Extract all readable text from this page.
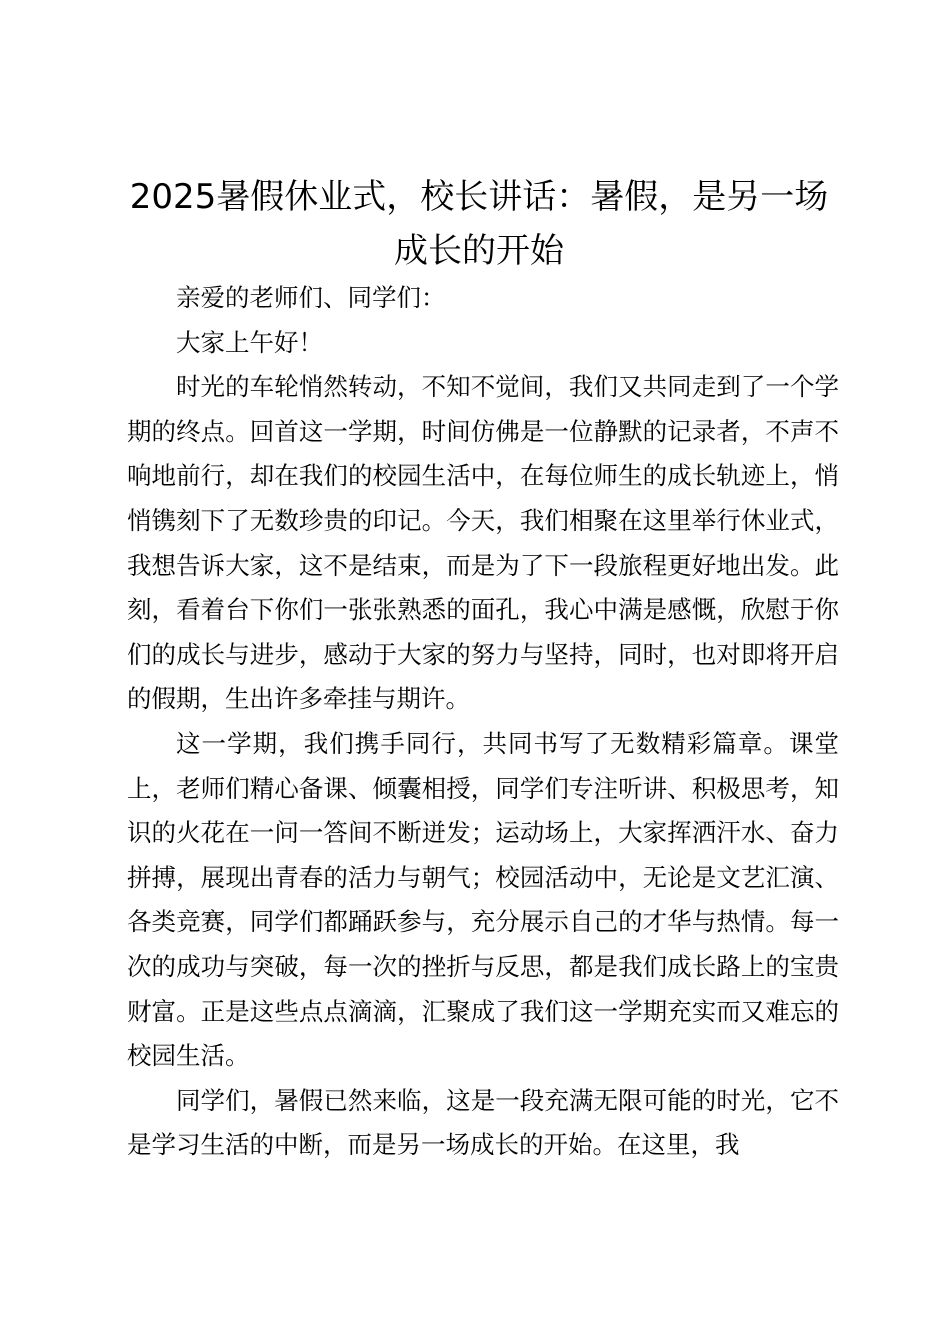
2025暑假休业式，校长讲话：暑假，是另一场成长的开始

亲爱的老师们、同学们：

大家上午好！

时光的车轮悄然转动，不知不觉间，我们又共同走到了一个学期的终点。回首这一学期，时间仿佛是一位静默的记录者，不声不响地前行，却在我们的校园生活中，在每位师生的成长轨迹上，悄悄镌刻下了无数珍贵的印记。今天，我们相聚在这里举行休业式，我想告诉大家，这不是结束，而是为了下一段旅程更好地出发。此刻，看着台下你们一张张熟悉的面孔，我心中满是感慨，欣慰于你们的成长与进步，感动于大家的努力与坚持，同时，也对即将开启的假期，生出许多牵挂与期许。

这一学期，我们携手同行，共同书写了无数精彩篇章。课堂上，老师们精心备课、倾囊相授，同学们专注听讲、积极思考，知识的火花在一问一答间不断迸发；运动场上，大家挥洒汗水、奋力拼搏，展现出青春的活力与朝气；校园活动中，无论是文艺汇演、各类竞赛，同学们都踊跃参与，充分展示自己的才华与热情。每一次的成功与突破，每一次的挫折与反思，都是我们成长路上的宝贵财富。正是这些点点滴滴，汇聚成了我们这一学期充实而又难忘的校园生活。

同学们，暑假已然来临，这是一段充满无限可能的时光，它不是学习生活的中断，而是另一场成长的开始。在这里，我
